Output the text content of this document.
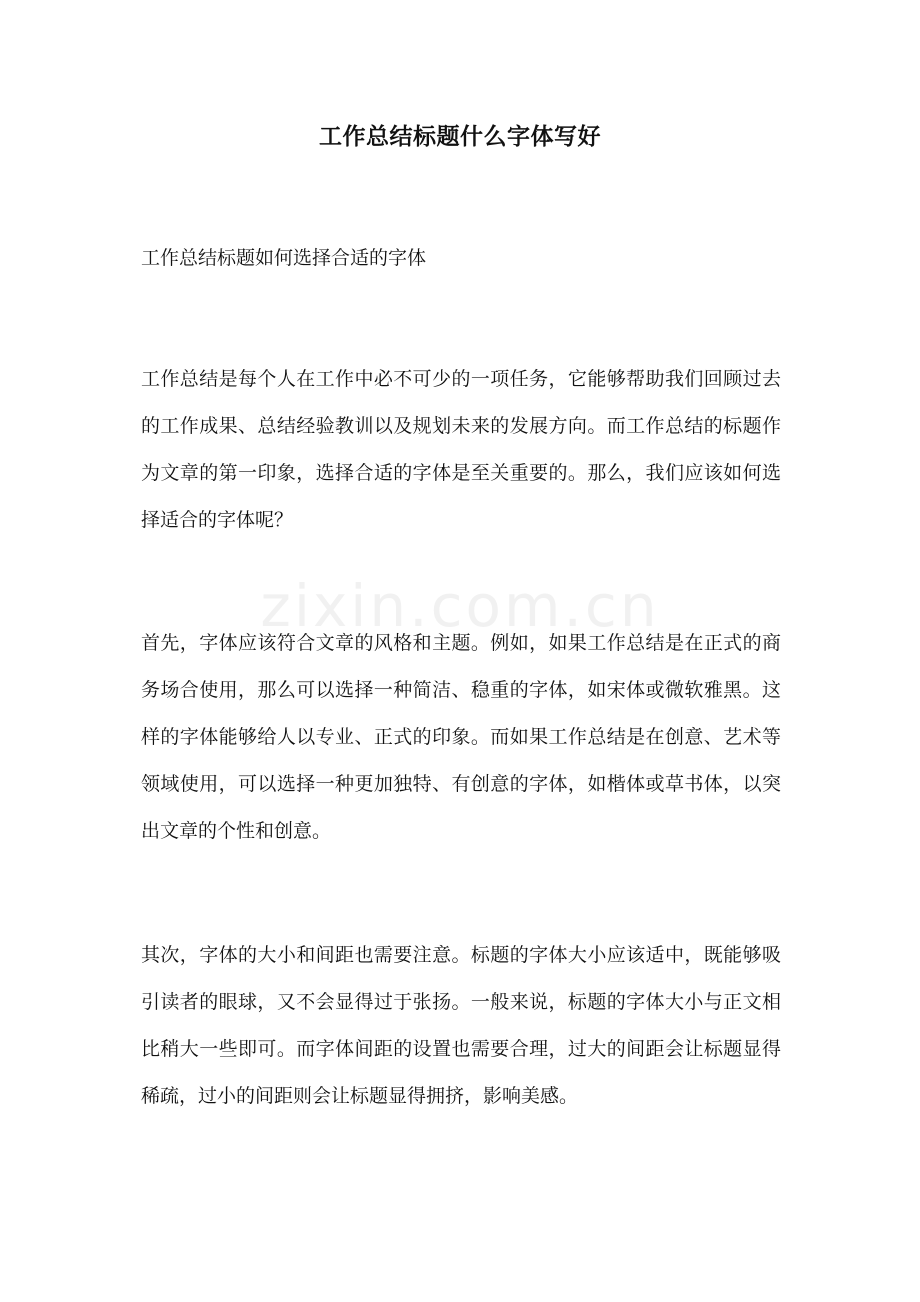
zixin.com.cn
工作总结标题什么字体写好

工作总结标题如何选择合适的字体

工作总结是每个人在工作中必不可少的一项任务，它能够帮助我们回顾过去的工作成果、总结经验教训以及规划未来的发展方向。而工作总结的标题作为文章的第一印象，选择合适的字体是至关重要的。那么，我们应该如何选择适合的字体呢？

首先，字体应该符合文章的风格和主题。例如，如果工作总结是在正式的商务场合使用，那么可以选择一种简洁、稳重的字体，如宋体或微软雅黑。这样的字体能够给人以专业、正式的印象。而如果工作总结是在创意、艺术等领域使用，可以选择一种更加独特、有创意的字体，如楷体或草书体，以突出文章的个性和创意。

其次，字体的大小和间距也需要注意。标题的字体大小应该适中，既能够吸引读者的眼球，又不会显得过于张扬。一般来说，标题的字体大小与正文相比稍大一些即可。而字体间距的设置也需要合理，过大的间距会让标题显得稀疏，过小的间距则会让标题显得拥挤，影响美感。
